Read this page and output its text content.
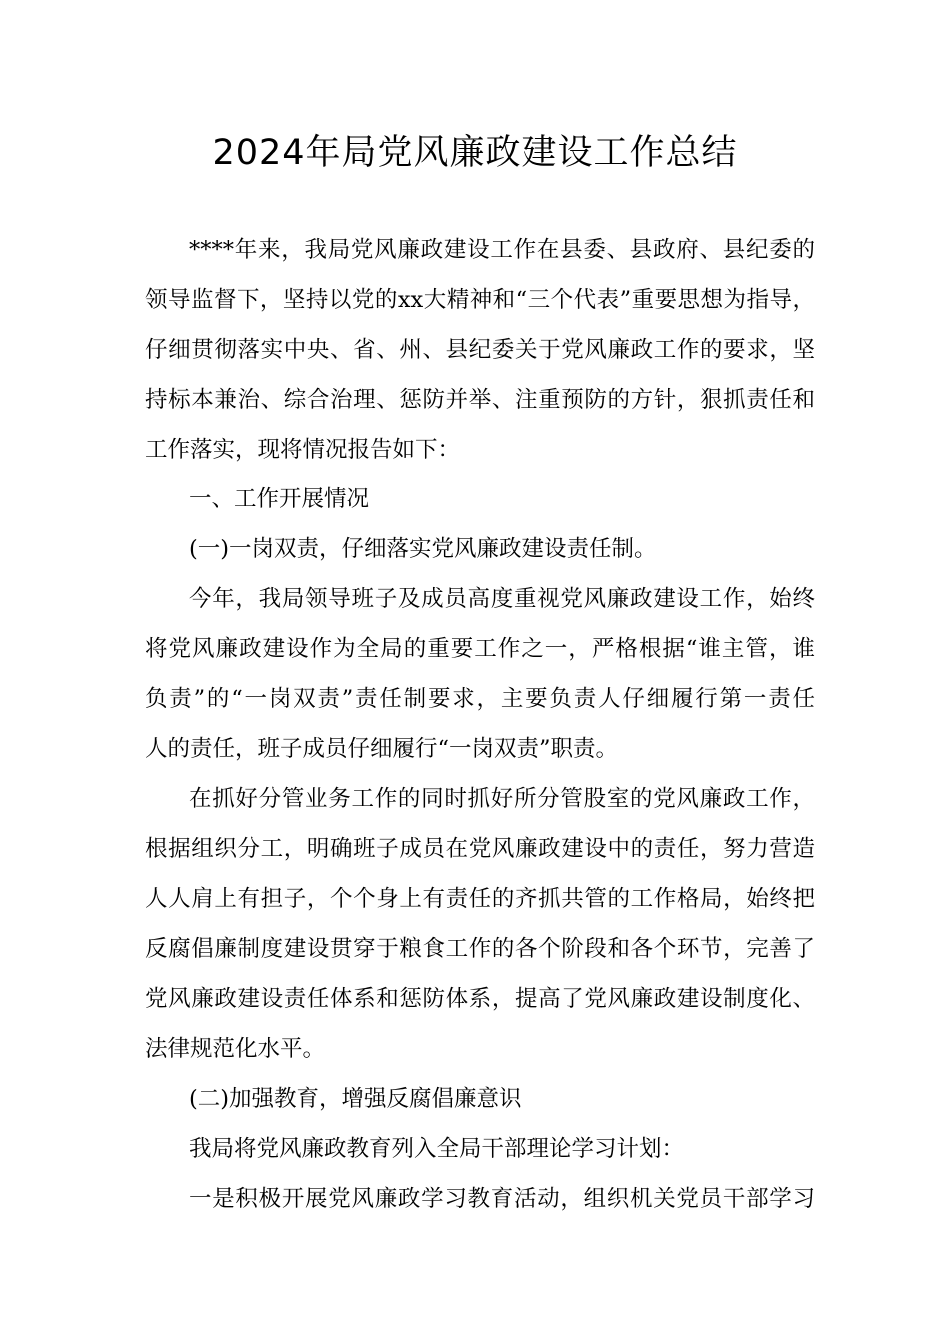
2024年局党风廉政建设工作总结

****年来，我局党风廉政建设工作在县委、县政府、县纪委的

领导监督下，坚持以党的xx大精神和“三个代表”重要思想为指导，

仔细贯彻落实中央、省、州、县纪委关于党风廉政工作的要求，坚

持标本兼治、综合治理、惩防并举、注重预防的方针，狠抓责任和

工作落实，现将情况报告如下：

一、工作开展情况

(一)一岗双责，仔细落实党风廉政建设责任制。

今年，我局领导班子及成员高度重视党风廉政建设工作，始终

将党风廉政建设作为全局的重要工作之一，严格根据“谁主管，谁

负责”的“一岗双责”责任制要求，主要负责人仔细履行第一责任

人的责任，班子成员仔细履行“一岗双责”职责。

在抓好分管业务工作的同时抓好所分管股室的党风廉政工作，

根据组织分工，明确班子成员在党风廉政建设中的责任，努力营造

人人肩上有担子，个个身上有责任的齐抓共管的工作格局，始终把

反腐倡廉制度建设贯穿于粮食工作的各个阶段和各个环节，完善了

党风廉政建设责任体系和惩防体系，提高了党风廉政建设制度化、

法律规范化水平。

(二)加强教育，增强反腐倡廉意识

我局将党风廉政教育列入全局干部理论学习计划：

一是积极开展党风廉政学习教育活动，组织机关党员干部学习
